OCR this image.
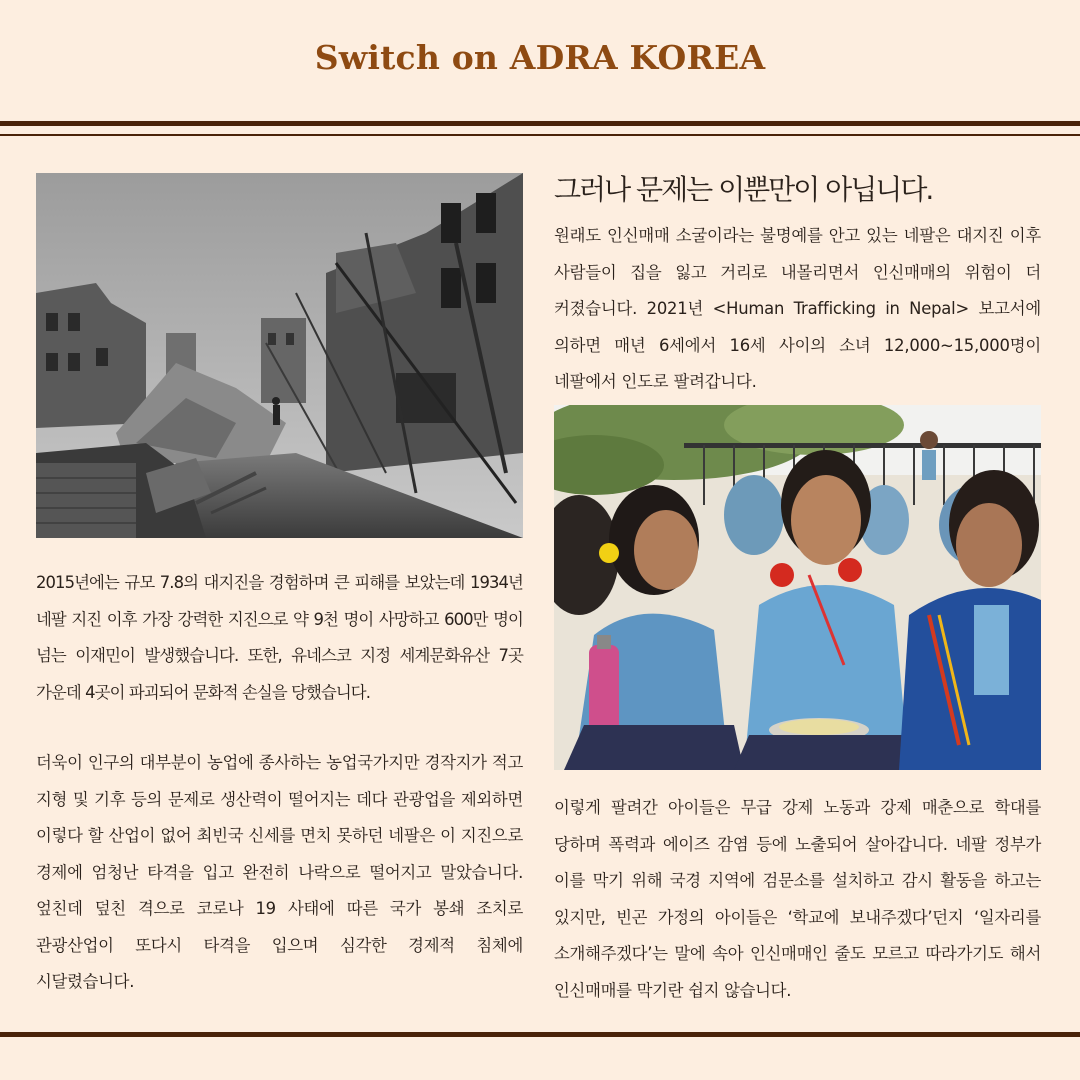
Switch on ADRA KOREA

2015년에는 규모 7.8의 대지진을 경험하며 큰 피해를 보았는데 1934년 네팔 지진 이후 가장 강력한 지진으로 약 9천 명이 사망하고 600만 명이 넘는 이재민이 발생했습니다. 또한, 유네스코 지정 세계문화유산 7곳 가운데 4곳이 파괴되어 문화적 손실을 당했습니다.

더욱이 인구의 대부분이 농업에 종사하는 농업국가지만 경작지가 적고 지형 및 기후 등의 문제로 생산력이 떨어지는 데다 관광업을 제외하면 이렇다 할 산업이 없어 최빈국 신세를 면치 못하던 네팔은 이 지진으로 경제에 엄청난 타격을 입고 완전히 나락으로 떨어지고 말았습니다. 엎친데 덮친 격으로 코로나 19 사태에 따른 국가 봉쇄 조치로 관광산업이 또다시 타격을 입으며 심각한 경제적 침체에 시달렸습니다.

그러나 문제는 이뿐만이 아닙니다.

원래도 인신매매 소굴이라는 불명예를 안고 있는 네팔은 대지진 이후 사람들이 집을 잃고 거리로 내몰리면서 인신매매의 위험이 더 커졌습니다. 2021년 <Human Trafficking in Nepal> 보고서에 의하면 매년 6세에서 16세 사이의 소녀 12,000~15,000명이 네팔에서 인도로 팔려갑니다.

이렇게 팔려간 아이들은 무급 강제 노동과 강제 매춘으로 학대를 당하며 폭력과 에이즈 감염 등에 노출되어 살아갑니다. 네팔 정부가 이를 막기 위해 국경 지역에 검문소를 설치하고 감시 활동을 하고는 있지만, 빈곤 가정의 아이들은 ‘학교에 보내주겠다’던지 ‘일자리를 소개해주겠다’는 말에 속아 인신매매인 줄도 모르고 따라가기도 해서 인신매매를 막기란 쉽지 않습니다.
